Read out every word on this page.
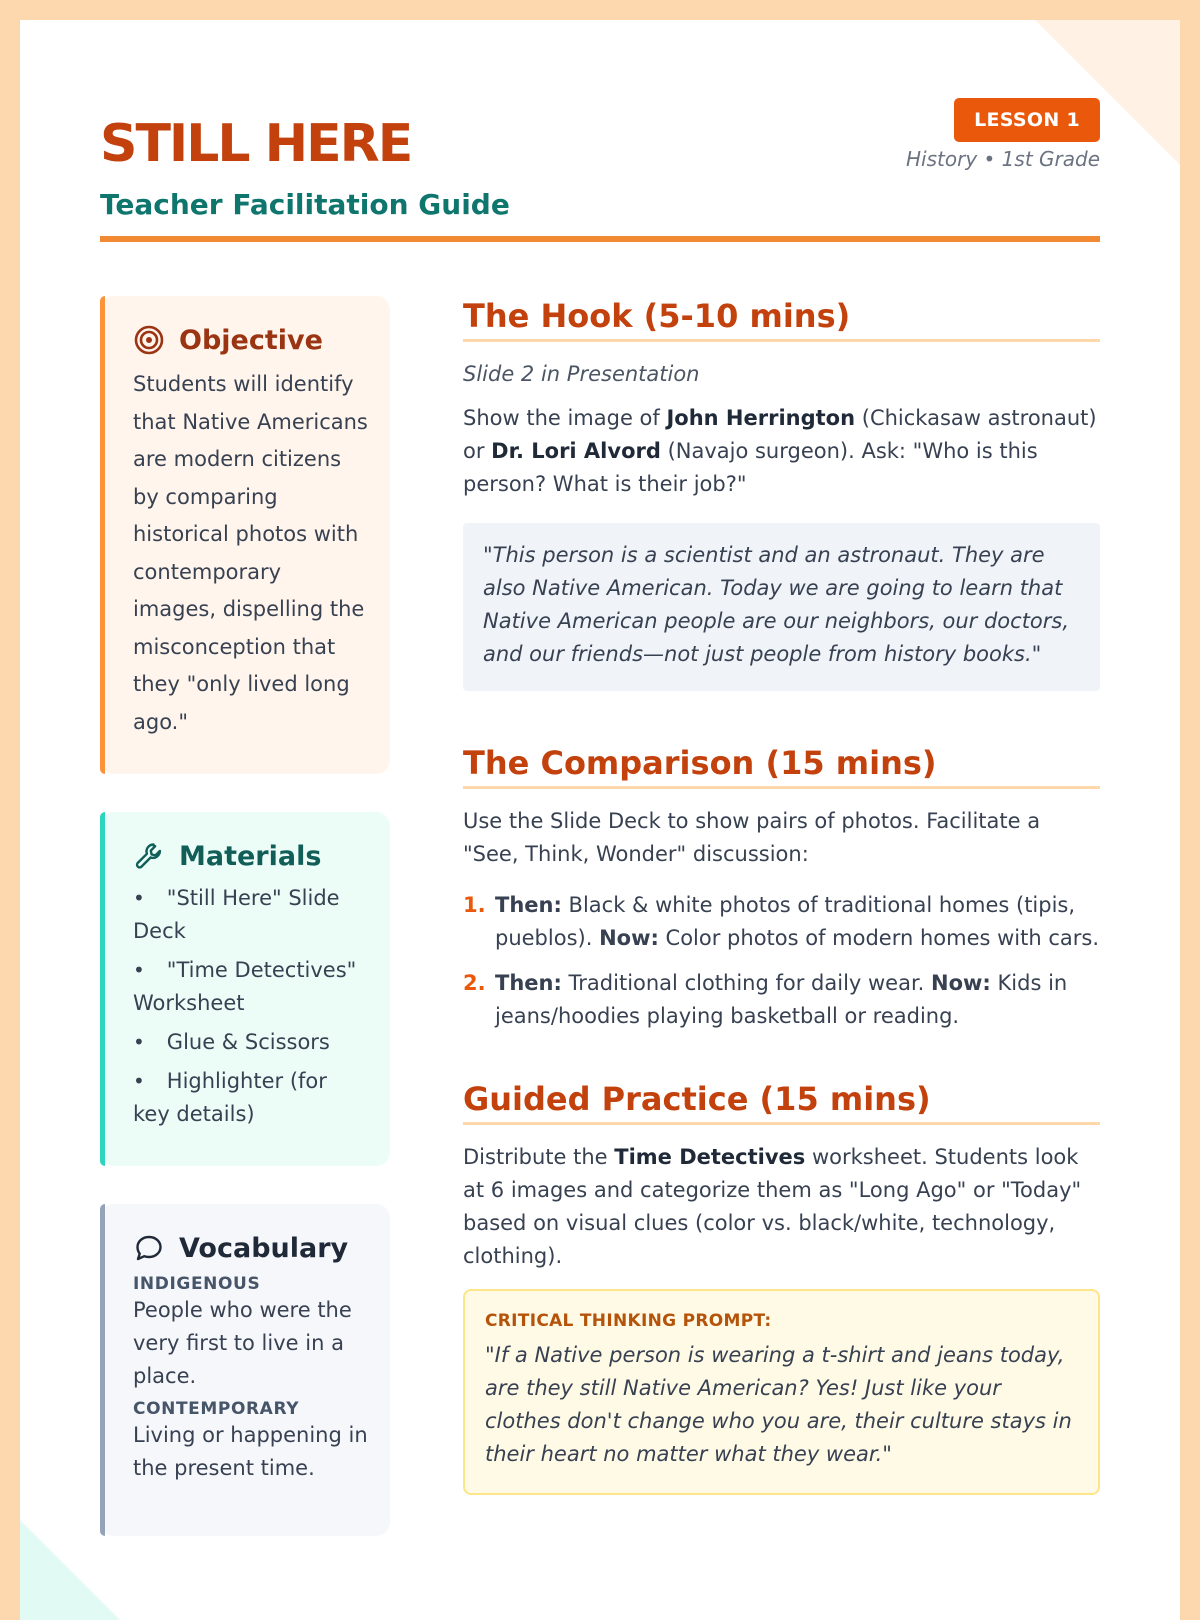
STILL HERE
Teacher Facilitation Guide
LESSON 1
History • 1st Grade
Objective
Students will identify that Native Americans are modern citizens by comparing historical photos with contemporary images, dispelling the misconception that they "only lived long ago."
Materials
• "Still Here" Slide Deck
• "Time Detectives" Worksheet
• Glue & Scissors
• Highlighter (for key details)
Vocabulary
INDIGENOUS
People who were the very first to live in a place.
CONTEMPORARY
Living or happening in the present time.
The Hook (5-10 mins)
Slide 2 in Presentation
Show the image of John Herrington (Chickasaw astronaut) or Dr. Lori Alvord (Navajo surgeon). Ask: "Who is this person? What is their job?"
"This person is a scientist and an astronaut. They are also Native American. Today we are going to learn that Native American people are our neighbors, our doctors, and our friends—not just people from history books."
The Comparison (15 mins)
Use the Slide Deck to show pairs of photos. Facilitate a "See, Think, Wonder" discussion:
1. Then: Black & white photos of traditional homes (tipis, pueblos). Now: Color photos of modern homes with cars.
2. Then: Traditional clothing for daily wear. Now: Kids in jeans/hoodies playing basketball or reading.
Guided Practice (15 mins)
Distribute the Time Detectives worksheet. Students look at 6 images and categorize them as "Long Ago" or "Today" based on visual clues (color vs. black/white, technology, clothing).
CRITICAL THINKING PROMPT:
"If a Native person is wearing a t-shirt and jeans today, are they still Native American? Yes! Just like your clothes don't change who you are, their culture stays in their heart no matter what they wear."
